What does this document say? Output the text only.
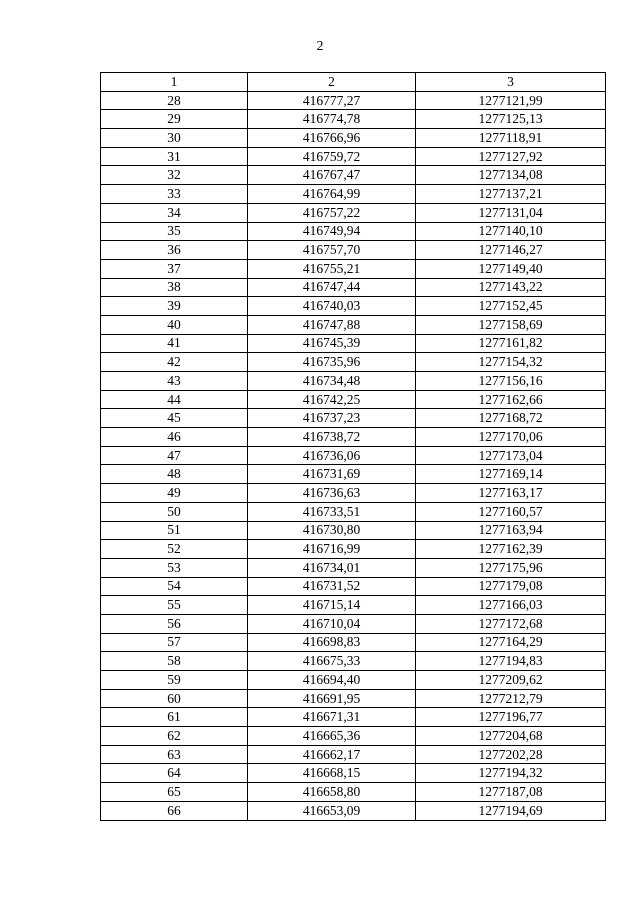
2
1	2	3
28	416777,27	1277121,99
29	416774,78	1277125,13
30	416766,96	1277118,91
31	416759,72	1277127,92
32	416767,47	1277134,08
33	416764,99	1277137,21
34	416757,22	1277131,04
35	416749,94	1277140,10
36	416757,70	1277146,27
37	416755,21	1277149,40
38	416747,44	1277143,22
39	416740,03	1277152,45
40	416747,88	1277158,69
41	416745,39	1277161,82
42	416735,96	1277154,32
43	416734,48	1277156,16
44	416742,25	1277162,66
45	416737,23	1277168,72
46	416738,72	1277170,06
47	416736,06	1277173,04
48	416731,69	1277169,14
49	416736,63	1277163,17
50	416733,51	1277160,57
51	416730,80	1277163,94
52	416716,99	1277162,39
53	416734,01	1277175,96
54	416731,52	1277179,08
55	416715,14	1277166,03
56	416710,04	1277172,68
57	416698,83	1277164,29
58	416675,33	1277194,83
59	416694,40	1277209,62
60	416691,95	1277212,79
61	416671,31	1277196,77
62	416665,36	1277204,68
63	416662,17	1277202,28
64	416668,15	1277194,32
65	416658,80	1277187,08
66	416653,09	1277194,69
